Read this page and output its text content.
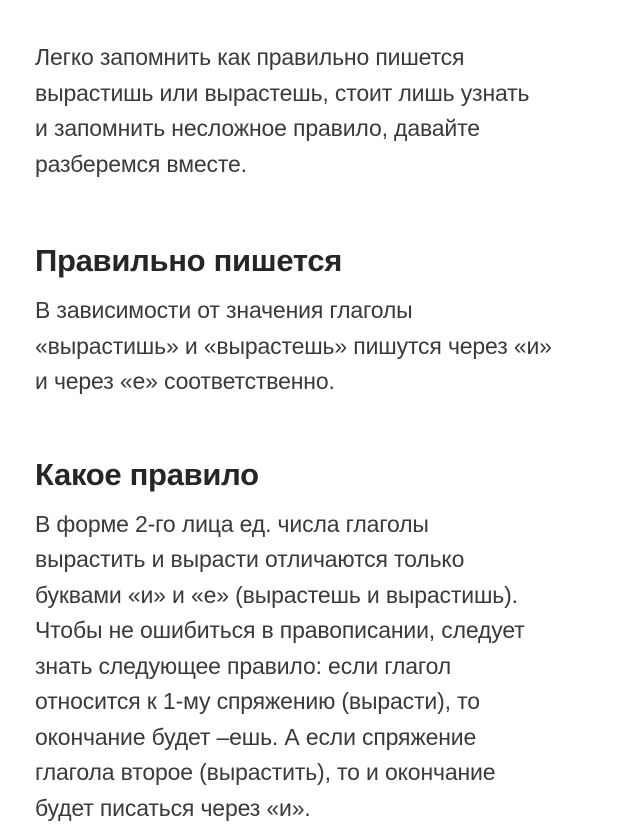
Легко запомнить как правильно пишется
вырастишь или вырастешь, стоит лишь узнать
и запомнить несложное правило, давайте
разберемся вместе.

Правильно пишется

В зависимости от значения глаголы
«вырастишь» и «вырастешь» пишутся через «и»
и через «е» соответственно.

Какое правило

В форме 2-го лица ед. числа глаголы
вырастить и вырасти отличаются только
буквами «и» и «е» (вырастешь и вырастишь).
Чтобы не ошибиться в правописании, следует
знать следующее правило: если глагол
относится к 1-му спряжению (вырасти), то
окончание будет –ешь. А если спряжение
глагола второе (вырастить), то и окончание
будет писаться через «и».
